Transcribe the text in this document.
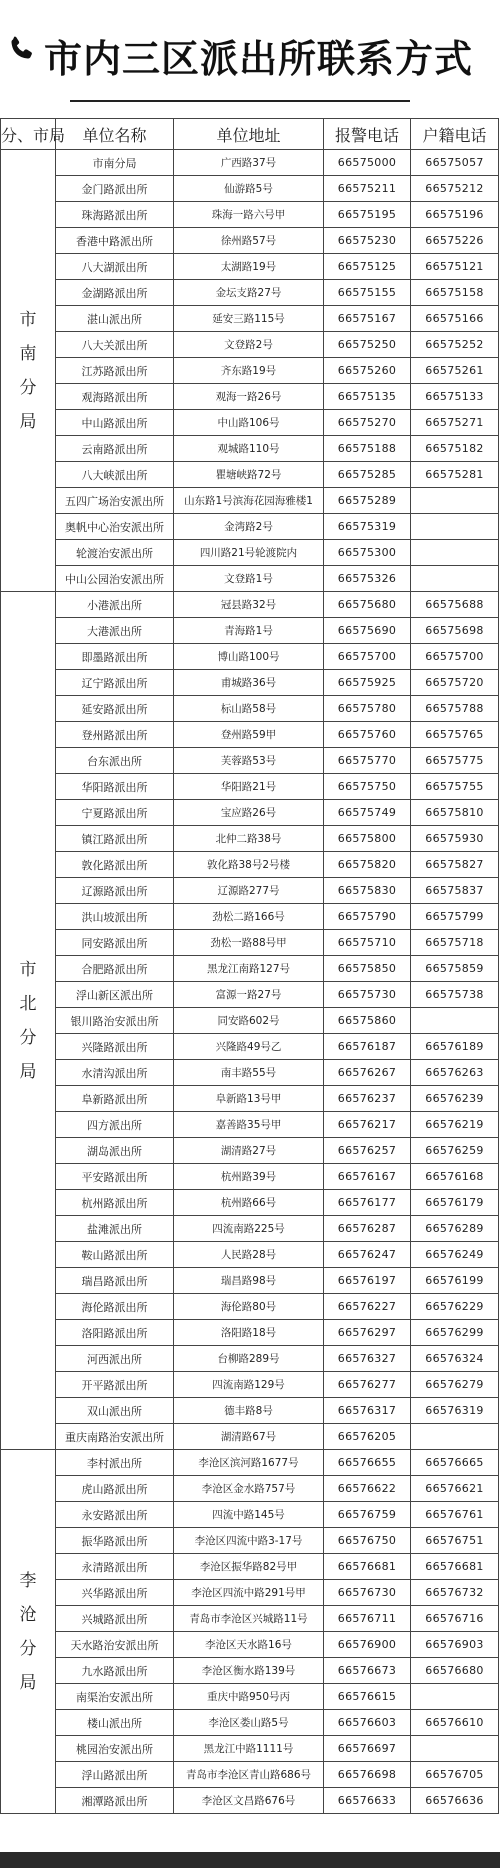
市内三区派出所联系方式
分、市局	单位名称	单位地址	报警电话	户籍电话
市南分局	市南分局	广西路37号	66575000	66575057
	金门路派出所	仙游路5号	66575211	66575212
	珠海路派出所	珠海一路六号甲	66575195	66575196
	香港中路派出所	徐州路57号	66575230	66575226
	八大湖派出所	太湖路19号	66575125	66575121
	金湖路派出所	金坛支路27号	66575155	66575158
	湛山派出所	延安三路115号	66575167	66575166
	八大关派出所	文登路2号	66575250	66575252
	江苏路派出所	齐东路19号	66575260	66575261
	观海路派出所	观海一路26号	66575135	66575133
	中山路派出所	中山路106号	66575270	66575271
	云南路派出所	观城路110号	66575188	66575182
	八大峡派出所	瞿塘峡路72号	66575285	66575281
	五四广场治安派出所	山东路1号滨海花园海雅楼1	66575289	
	奥帆中心治安派出所	金湾路2号	66575319	
	轮渡治安派出所	四川路21号轮渡院内	66575300	
	中山公园治安派出所	文登路1号	66575326	
市北分局	小港派出所	冠县路32号	66575680	66575688
	大港派出所	青海路1号	66575690	66575698
	即墨路派出所	博山路100号	66575700	66575700
	辽宁路派出所	甫城路36号	66575925	66575720
	延安路派出所	标山路58号	66575780	66575788
	登州路派出所	登州路59甲	66575760	66575765
	台东派出所	芙蓉路53号	66575770	66575775
	华阳路派出所	华阳路21号	66575750	66575755
	宁夏路派出所	宝应路26号	66575749	66575810
	镇江路派出所	北仲二路38号	66575800	66575930
	敦化路派出所	敦化路38号2号楼	66575820	66575827
	辽源路派出所	辽源路277号	66575830	66575837
	洪山坡派出所	劲松二路166号	66575790	66575799
	同安路派出所	劲松一路88号甲	66575710	66575718
	合肥路派出所	黑龙江南路127号	66575850	66575859
	浮山新区派出所	富源一路27号	66575730	66575738
	银川路治安派出所	同安路602号	66575860	
	兴隆路派出所	兴隆路49号乙	66576187	66576189
	水清沟派出所	南丰路55号	66576267	66576263
	阜新路派出所	阜新路13号甲	66576237	66576239
	四方派出所	嘉善路35号甲	66576217	66576219
	湖岛派出所	湖清路27号	66576257	66576259
	平安路派出所	杭州路39号	66576167	66576168
	杭州路派出所	杭州路66号	66576177	66576179
	盐滩派出所	四流南路225号	66576287	66576289
	鞍山路派出所	人民路28号	66576247	66576249
	瑞昌路派出所	瑞昌路98号	66576197	66576199
	海伦路派出所	海伦路80号	66576227	66576229
	洛阳路派出所	洛阳路18号	66576297	66576299
	河西派出所	台柳路289号	66576327	66576324
	开平路派出所	四流南路129号	66576277	66576279
	双山派出所	德丰路8号	66576317	66576319
	重庆南路治安派出所	湖清路67号	66576205	
李沧分局	李村派出所	李沧区滨河路1677号	66576655	66576665
	虎山路派出所	李沧区金水路757号	66576622	66576621
	永安路派出所	四流中路145号	66576759	66576761
	振华路派出所	李沧区四流中路3-17号	66576750	66576751
	永清路派出所	李沧区振华路82号甲	66576681	66576681
	兴华路派出所	李沧区四流中路291号甲	66576730	66576732
	兴城路派出所	青岛市李沧区兴城路11号	66576711	66576716
	天水路治安派出所	李沧区天水路16号	66576900	66576903
	九水路派出所	李沧区衡水路139号	66576673	66576680
	南渠治安派出所	重庆中路950号丙	66576615	
	楼山派出所	李沧区娄山路5号	66576603	66576610
	桃园治安派出所	黑龙江中路1111号	66576697	
	浮山路派出所	青岛市李沧区青山路686号	66576698	66576705
	湘潭路派出所	李沧区文昌路676号	66576633	66576636
